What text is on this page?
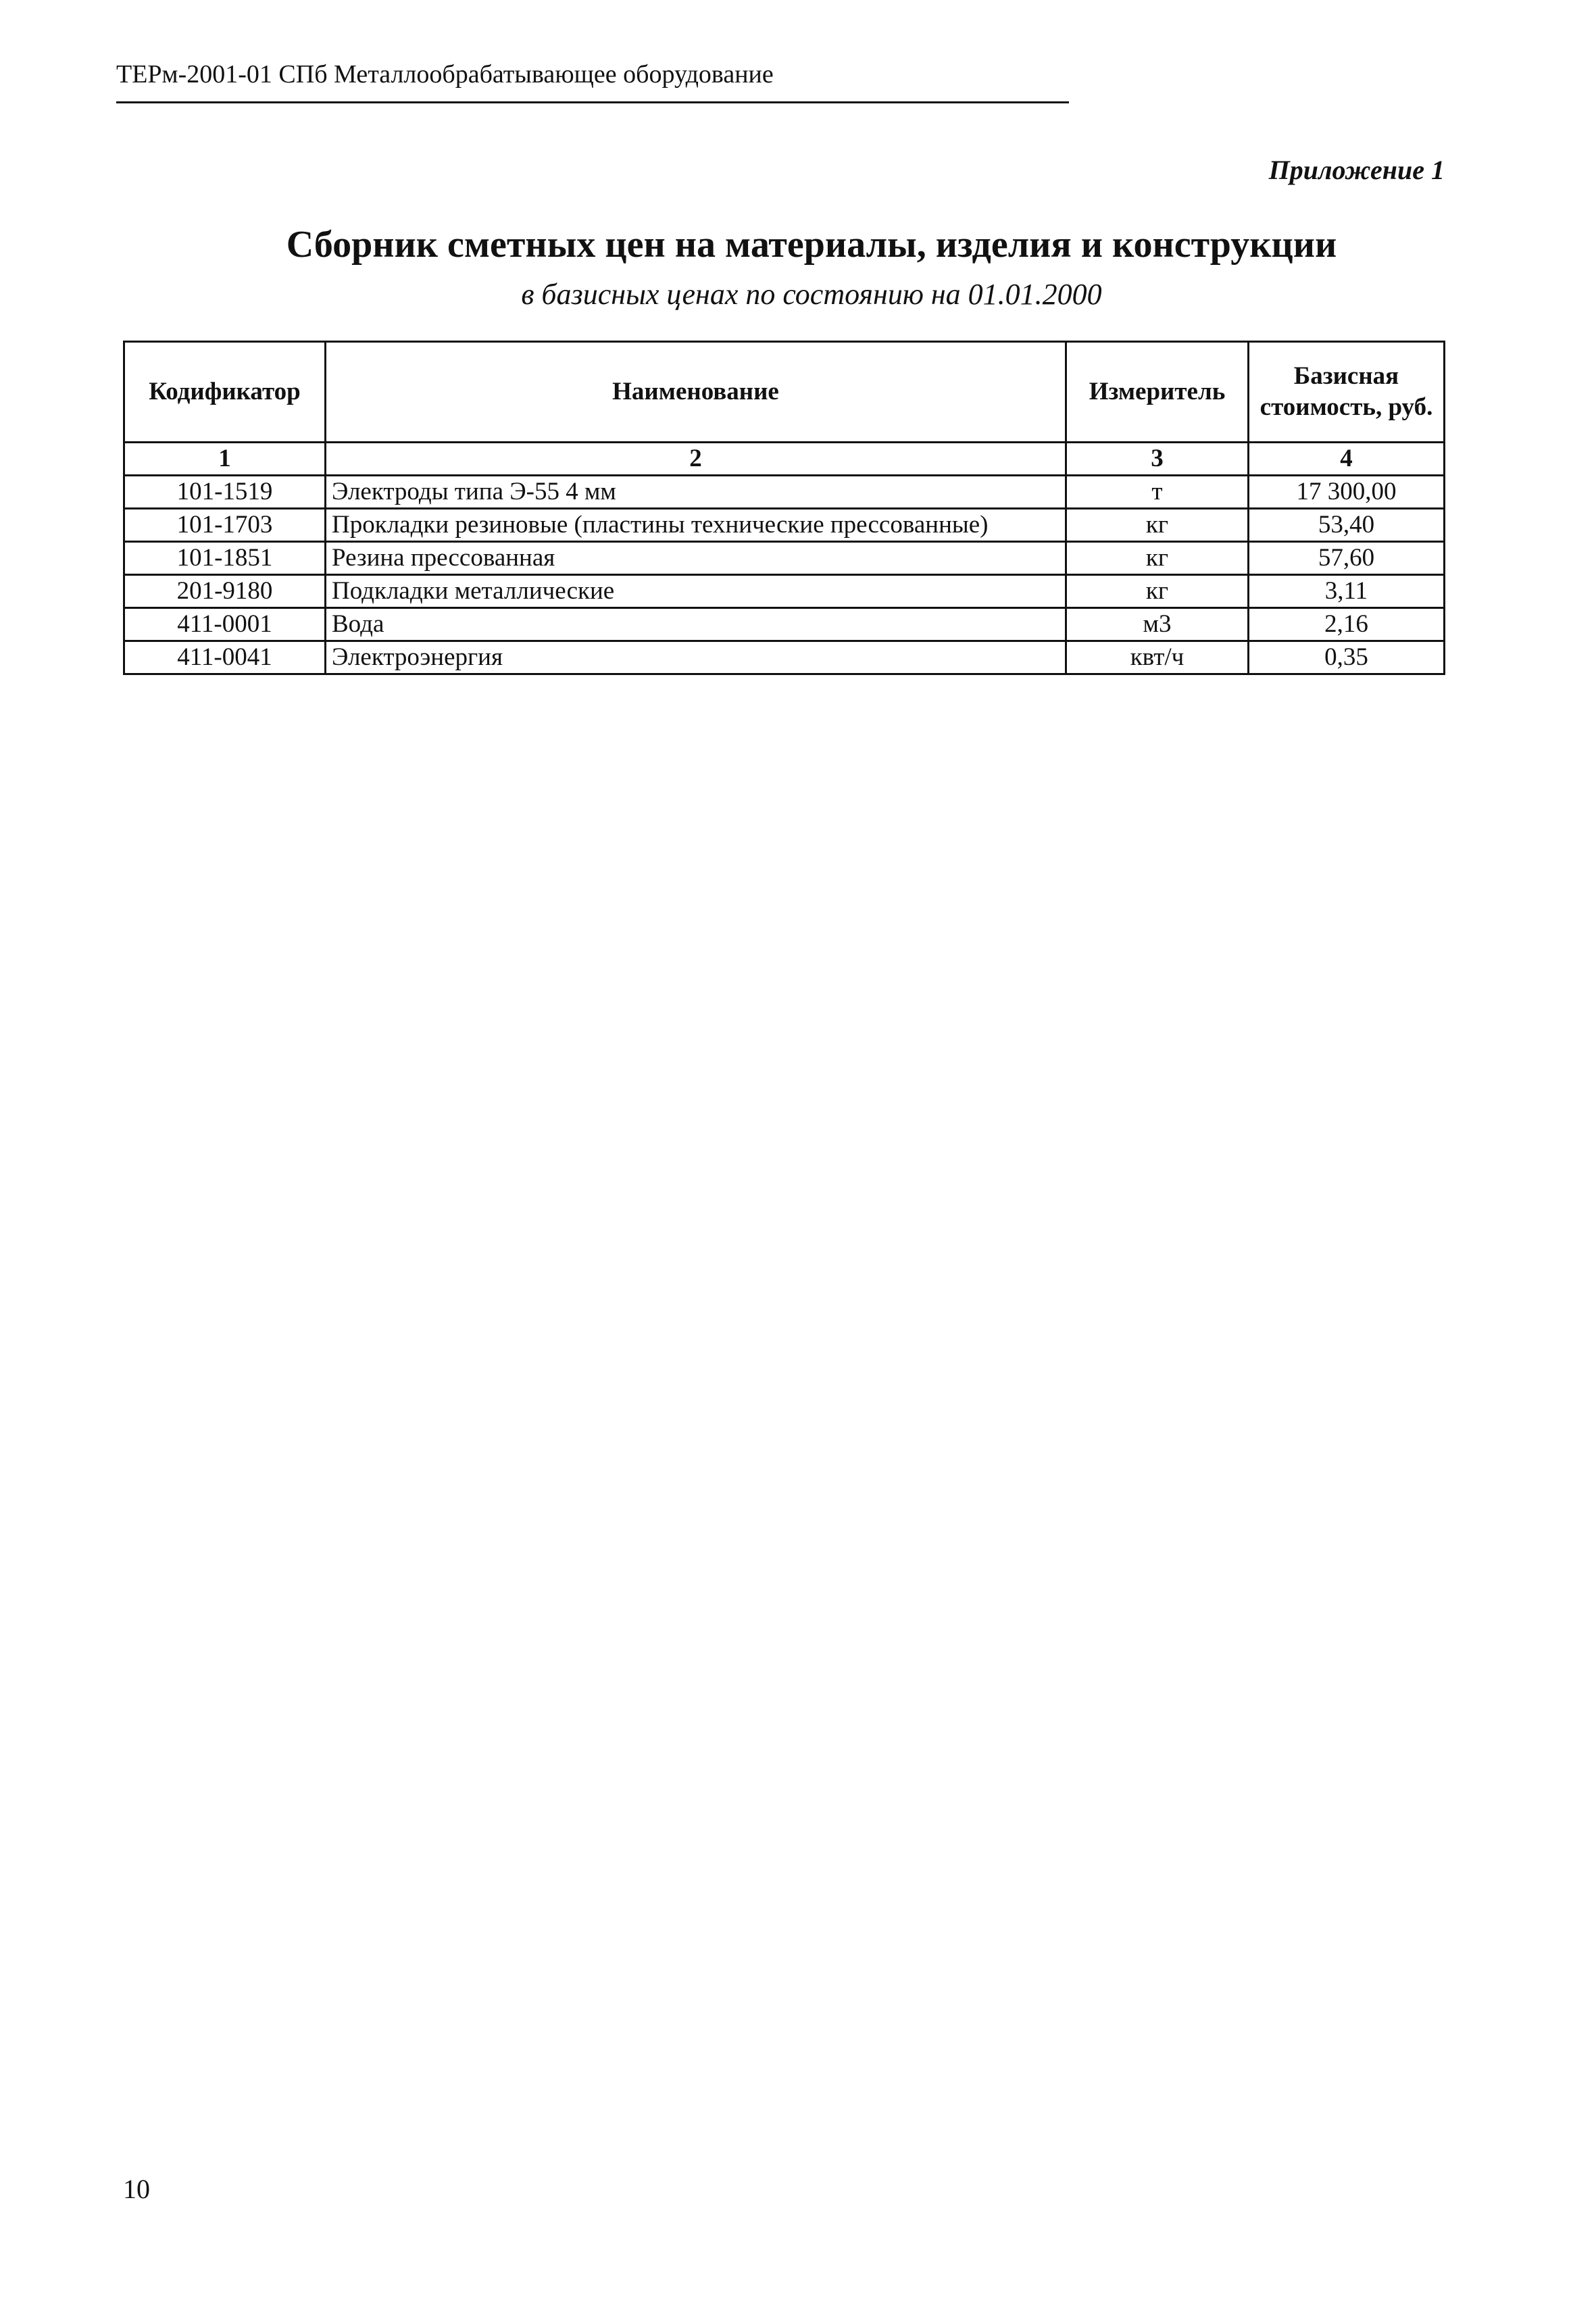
ТЕРм-2001-01 СПб Металлообрабатывающее оборудование
Приложение 1
Сборник сметных цен на материалы, изделия и конструкции
в базисных ценах по состоянию на 01.01.2000
Кодификатор	Наименование	Измеритель	Базисная стоимость, руб.
1	2	3	4
101-1519	Электроды типа Э-55 4 мм	т	17 300,00
101-1703	Прокладки резиновые (пластины технические прессованные)	кг	53,40
101-1851	Резина прессованная	кг	57,60
201-9180	Подкладки металлические	кг	3,11
411-0001	Вода	м3	2,16
411-0041	Электроэнергия	квт/ч	0,35
10
